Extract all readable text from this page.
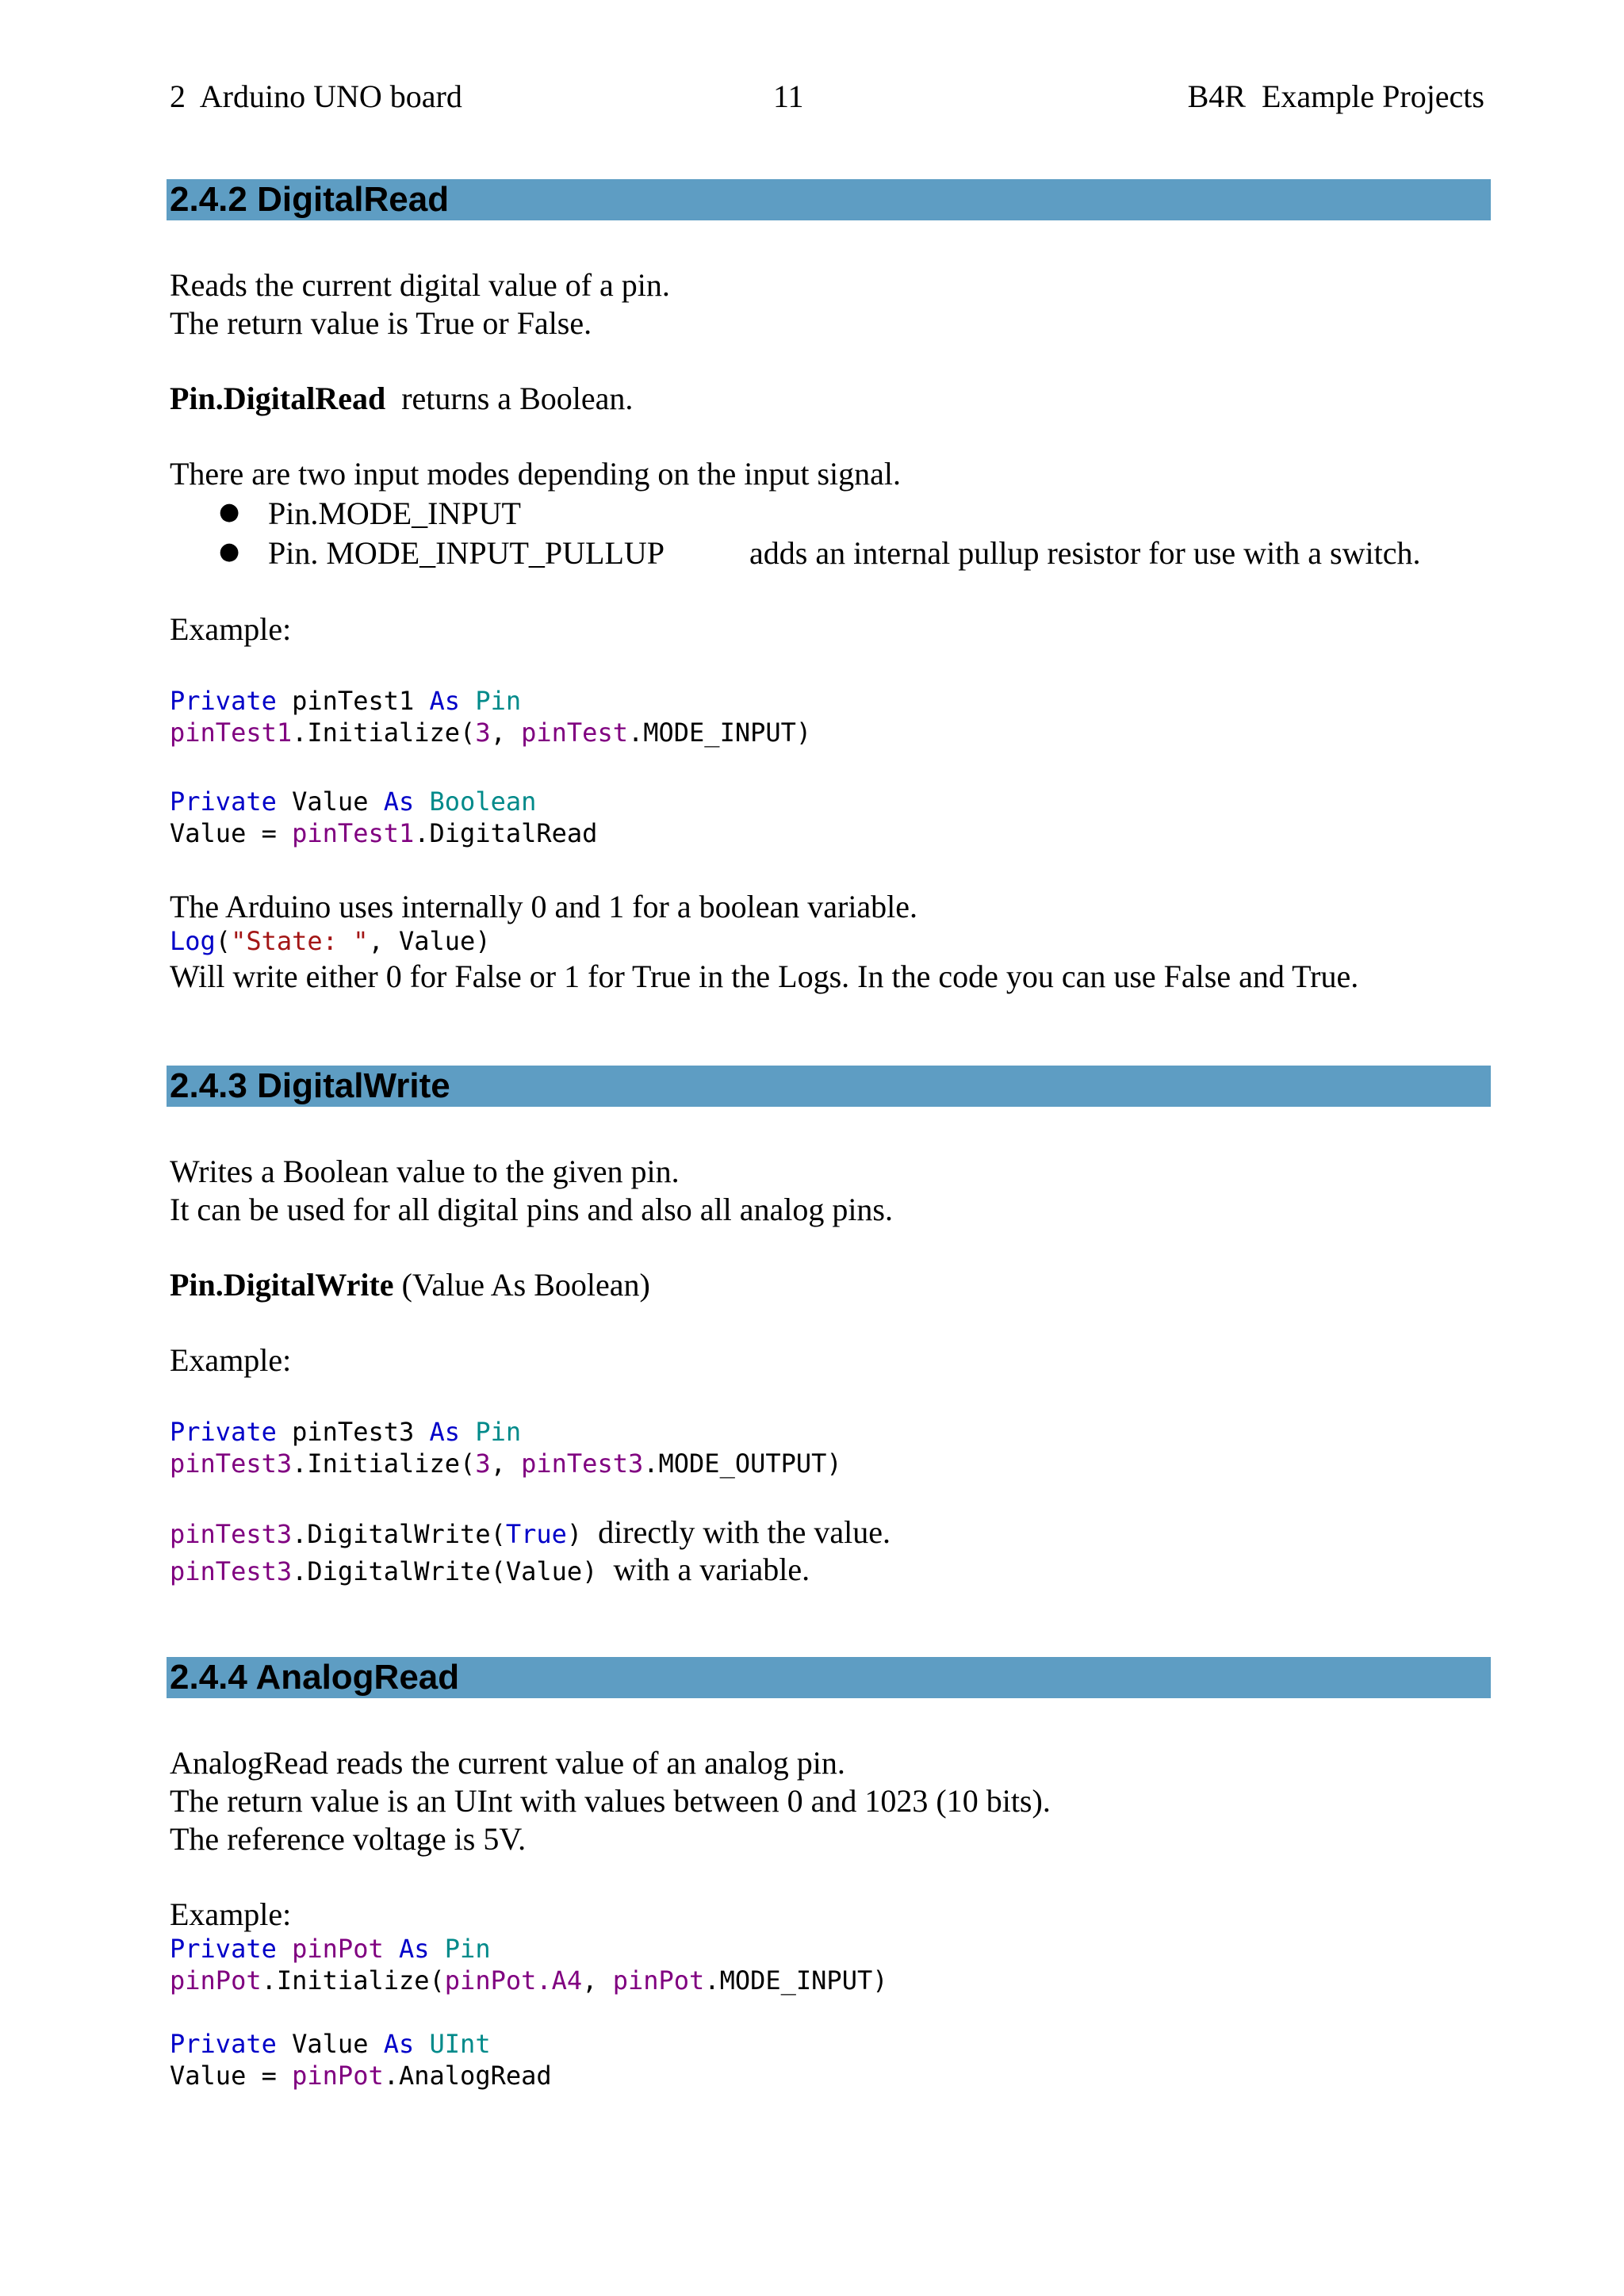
2  Arduino UNO board	11	B4R  Example Projects
2.4.2 DigitalRead
Reads the current digital value of a pin.
The return value is True or False.
Pin.DigitalRead  returns a Boolean.
There are two input modes depending on the input signal.
● Pin.MODE_INPUT
● Pin. MODE_INPUT_PULLUP	adds an internal pullup resistor for use with a switch.
Example:
Private pinTest1 As Pin
pinTest1.Initialize(3, pinTest.MODE_INPUT)
Private Value As Boolean
Value = pinTest1.DigitalRead
The Arduino uses internally 0 and 1 for a boolean variable.
Log("State: ", Value)
Will write either 0 for False or 1 for True in the Logs. In the code you can use False and True.
2.4.3 DigitalWrite
Writes a Boolean value to the given pin.
It can be used for all digital pins and also all analog pins.
Pin.DigitalWrite (Value As Boolean)
Example:
Private pinTest3 As Pin
pinTest3.Initialize(3, pinTest3.MODE_OUTPUT)
pinTest3.DigitalWrite(True)  directly with the value.
pinTest3.DigitalWrite(Value)  with a variable.
2.4.4 AnalogRead
AnalogRead reads the current value of an analog pin.
The return value is an UInt with values between 0 and 1023 (10 bits).
The reference voltage is 5V.
Example:
Private pinPot As Pin
pinPot.Initialize(pinPot.A4, pinPot.MODE_INPUT)
Private Value As UInt
Value = pinPot.AnalogRead
